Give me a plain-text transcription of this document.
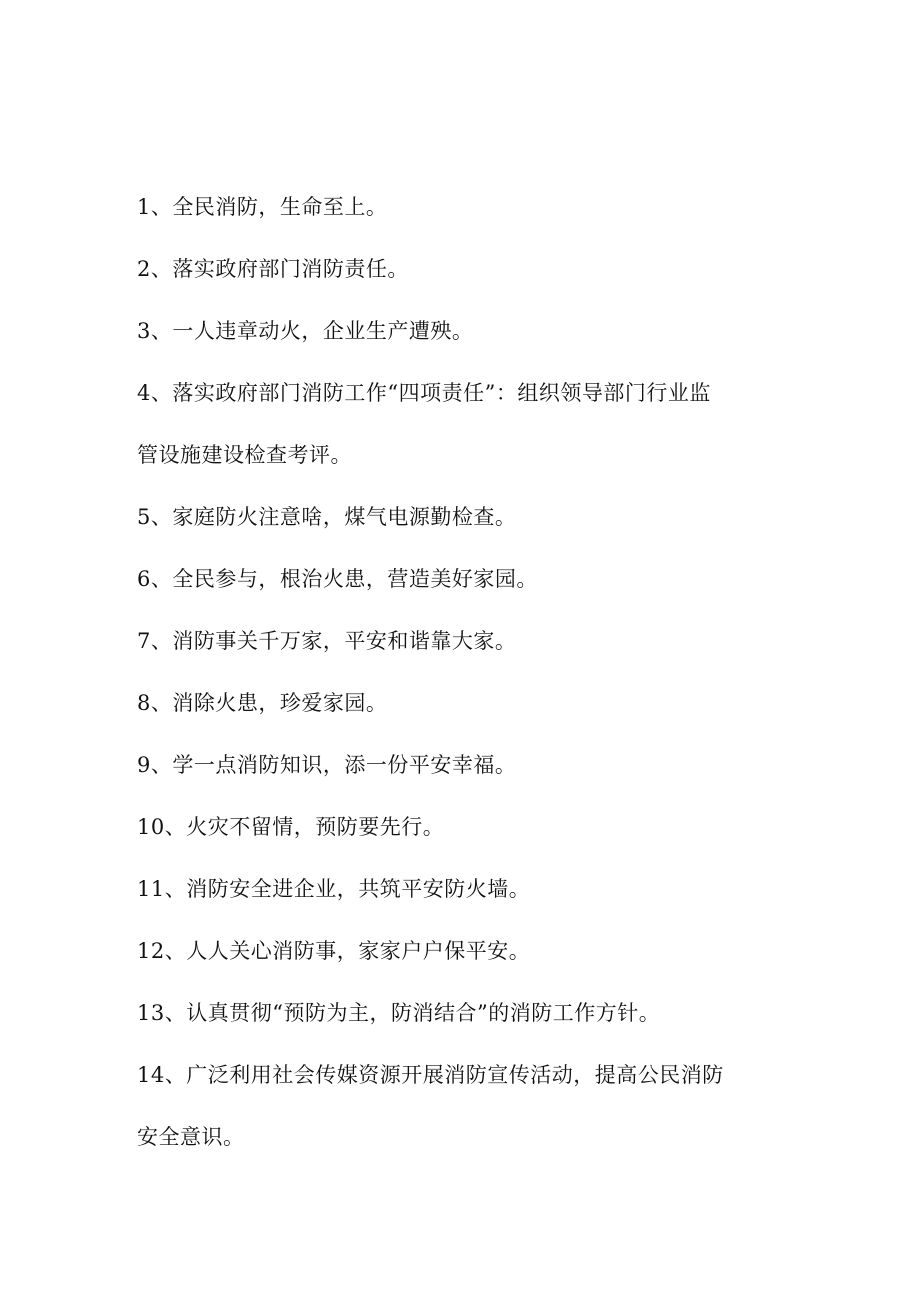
1、全民消防，生命至上。

2、落实政府部门消防责任。

3、一人违章动火，企业生产遭殃。

4、落实政府部门消防工作“四项责任”：组织领导部门行业监

管设施建设检查考评。

5、家庭防火注意啥，煤气电源勤检查。

6、全民参与，根治火患，营造美好家园。

7、消防事关千万家，平安和谐靠大家。

8、消除火患，珍爱家园。

9、学一点消防知识，添一份平安幸福。

10、火灾不留情，预防要先行。

11、消防安全进企业，共筑平安防火墙。

12、人人关心消防事，家家户户保平安。

13、认真贯彻“预防为主，防消结合”的消防工作方针。

14、广泛利用社会传媒资源开展消防宣传活动，提高公民消防

安全意识。
